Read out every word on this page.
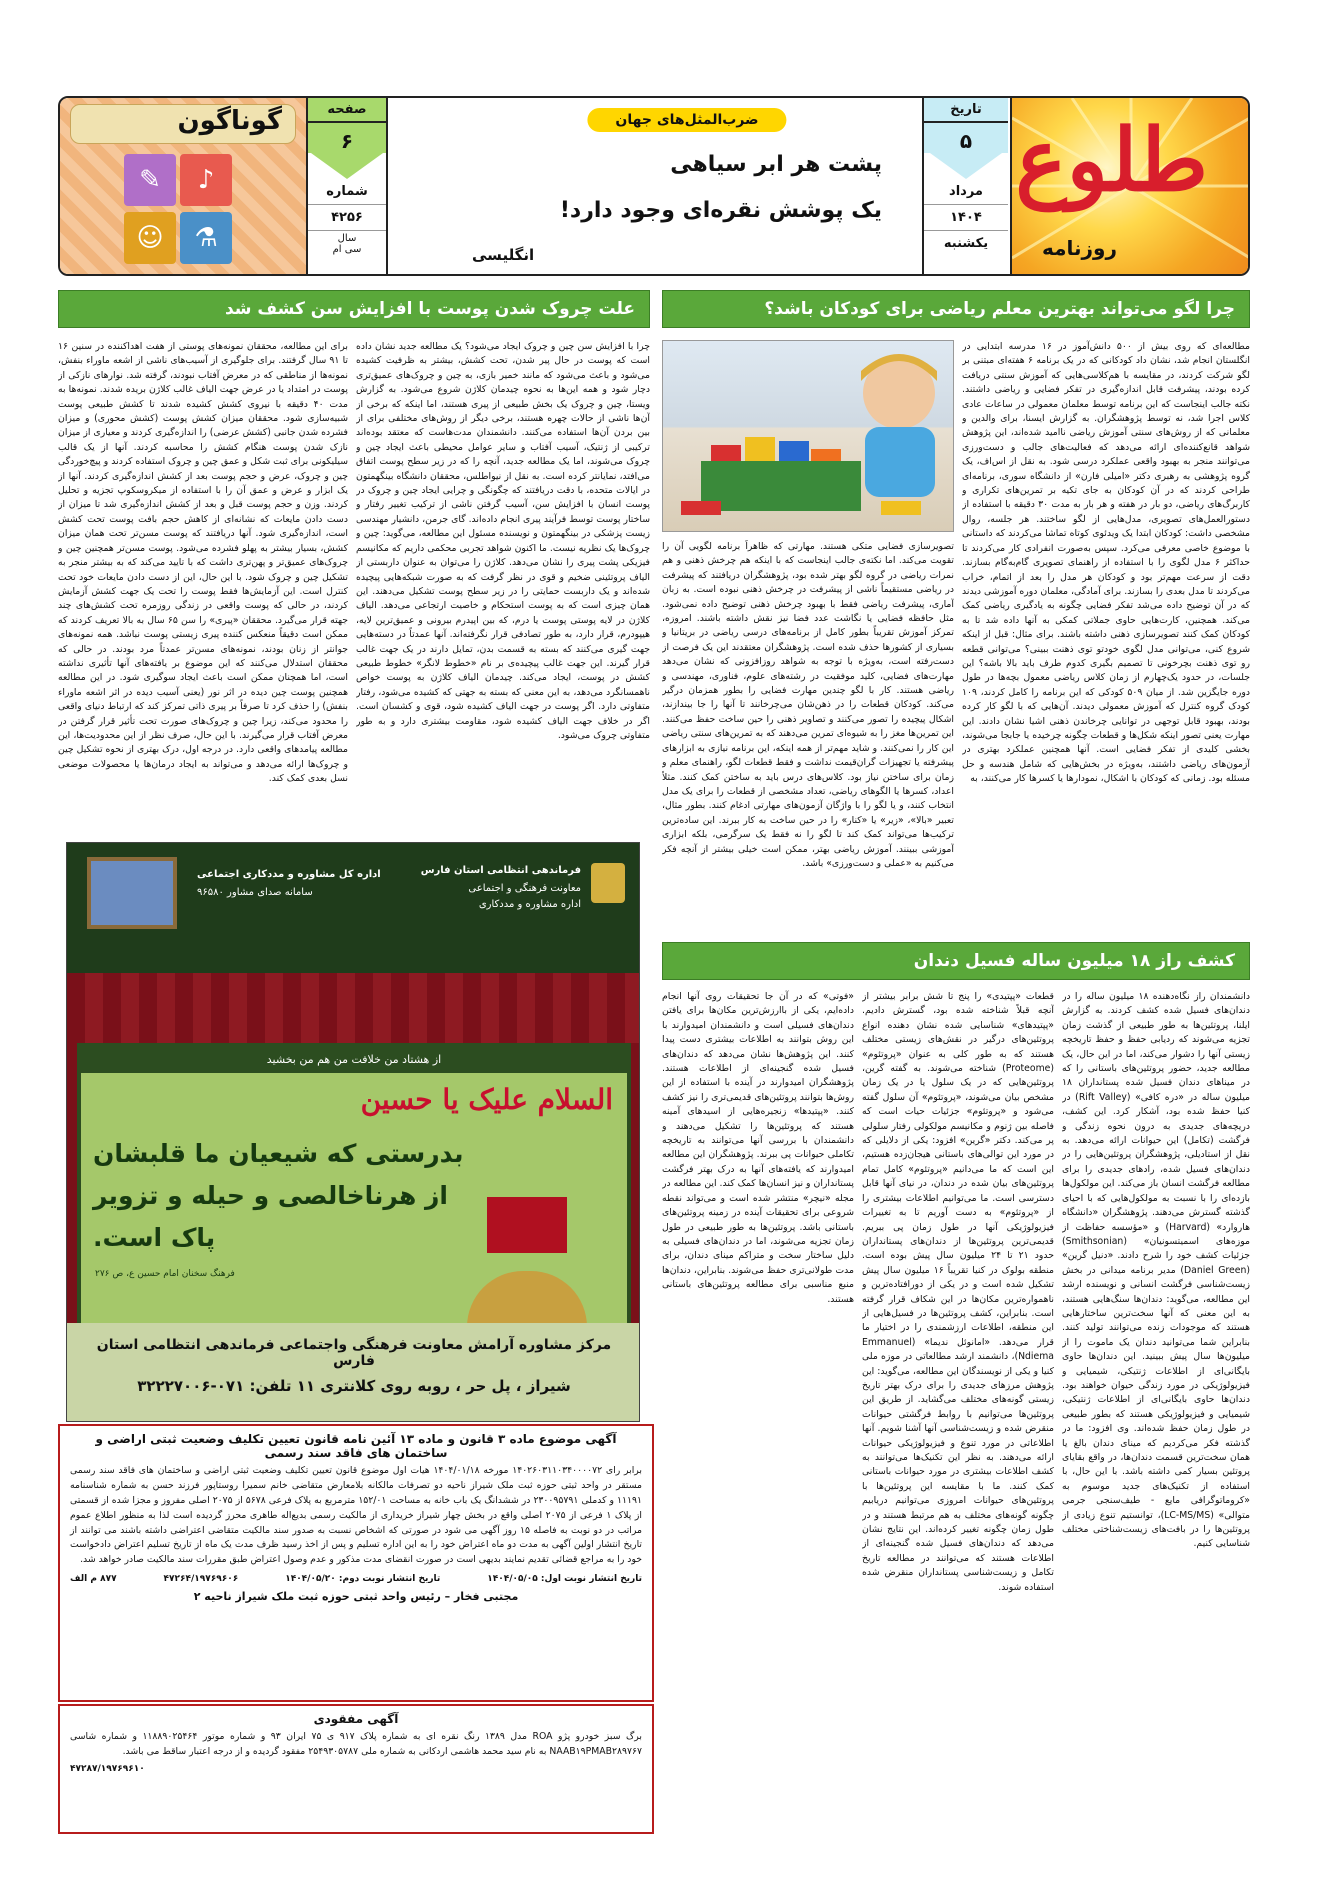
طلوع
روزنامه
تاریخ
۵
مرداد
۱۴۰۴
یکشنبه
ضرب‌المثل‌های جهان
پشت هر ابر سیاهی
یک پوشش نقره‌ای وجود دارد!
انگلیسی
صفحه
۶
شماره
۴۲۵۶
سال
سی ام
گوناگون
♪
✎
⚗
☺
چرا لگو می‌تواند بهترین معلم ریاضی برای کودکان باشد؟
مطالعه‌ای که روی بیش از ۵۰۰ دانش‌آموز در ۱۶ مدرسه ابتدایی در انگلستان انجام شد، نشان داد کودکانی که در یک برنامه ۶ هفته‌ای مبتنی بر لگو شرکت کردند، در مقایسه با هم‌کلاسی‌هایی که آموزش سنتی دریافت کرده بودند، پیشرفت قابل اندازه‌گیری در تفکر فضایی و ریاضی داشتند. نکته جالب اینجاست که این برنامه توسط معلمان معمولی در ساعات عادی کلاس اجرا شد، نه توسط پژوهشگران. به گزارش ایسنا، برای والدین و معلمانی که از روش‌های سنتی آموزش ریاضی ناامید شده‌اند، این پژوهش شواهد قانع‌کننده‌ای ارائه می‌دهد که فعالیت‌های جالب و دست‌ورزی می‌توانند منجر به بهبود واقعی عملکرد درسی شود. به نقل از اس‌اف، یک گروه پژوهشی به رهبری دکتر «امیلی فارن» از دانشگاه سوری، برنامه‌ای طراحی کردند که در آن کودکان به جای تکیه بر تمرین‌های تکراری و کاربرگ‌های ریاضی، دو بار در هفته و هر بار به مدت ۳۰ دقیقه با استفاده از دستورالعمل‌های تصویری، مدل‌هایی از لگو ساختند. هر جلسه، روال مشخصی داشت: کودکان ابتدا یک ویدئوی کوتاه تماشا می‌کردند که داستانی با موضوع خاصی معرفی می‌کرد. سپس به‌صورت انفرادی کار می‌کردند تا حداکثر ۶ مدل لگوی را با استفاده از راهنمای تصویری گام‌به‌گام بسازند. دقت از سرعت مهم‌تر بود و کودکان هر مدل را بعد از اتمام، خراب می‌کردند تا مدل بعدی را بسازند. برای آمادگی، معلمان دوره آموزشی دیدند که در آن توضیح داده می‌شد تفکر فضایی چگونه به یادگیری ریاضی کمک می‌کند. همچنین، کارت‌هایی حاوی جملاتی کمکی به آنها داده شد تا به کودکان کمک کنند تصویرسازی ذهنی داشته باشند. برای مثال: قبل از اینکه شروع کنی، می‌توانی مدل لگوی خودتو توی ذهنت ببینی؟ می‌توانی قطعه رو توی ذهنت بچرخونی تا تصمیم بگیری کدوم طرف باید بالا باشه؟ این جلسات، در حدود یک‌چهارم از زمان کلاس ریاضی معمول بچه‌ها در طول دوره جایگزین شد. از میان ۵۰۹ کودکی که این برنامه را کامل کردند، ۱۰۹ کودک گروه کنترل که آموزش معمولی دیدند. آن‌هایی که با لگو کار کرده بودند، بهبود قابل توجهی در توانایی چرخاندن ذهنی اشیا نشان دادند. این مهارت یعنی تصور اینکه شکل‌ها و قطعات چگونه چرخیده یا جابجا می‌شوند، بخشی کلیدی از تفکر فضایی است. آنها همچنین عملکرد بهتری در آزمون‌های ریاضی داشتند، به‌ویژه در بخش‌هایی که شامل هندسه و حل مسئله بود. زمانی که کودکان با اشکال، نمودارها یا کسرها کار می‌کنند، به
تصویرسازی فضایی متکی هستند. مهارتی که ظاهراً برنامه لگویی آن را تقویت می‌کند. اما نکته‌ی جالب اینجاست که با اینکه هم چرخش ذهنی و هم نمرات ریاضی در گروه لگو بهتر شده بود، پژوهشگران دریافتند که پیشرفت در ریاضی مستقیماً ناشی از پیشرفت در چرخش ذهنی نبوده است. به زبان آماری، پیشرفت ریاضی فقط با بهبود چرخش ذهنی توضیح داده نمی‌شود. مثل حافظه فضایی یا نگاشت عدد فضا نیز نقش داشته باشند. امروزه، تمرکز آموزش تقریباً بطور کامل از برنامه‌های درسی ریاضی در بریتانیا و بسیاری از کشورها حذف شده است. پژوهشگران معتقدند این یک فرصت از دست‌رفته است، به‌ویژه با توجه به شواهد روزافزونی که نشان می‌دهد مهارت‌های فضایی، کلید موفقیت در رشته‌های علوم، فناوری، مهندسی و ریاضی هستند. کار با لگو چندین مهارت فضایی را بطور همزمان درگیر می‌کند. کودکان قطعات را در ذهن‌شان می‌چرخانند تا آنها را جا بیندازند، اشکال پیچیده را تصور می‌کنند و تصاویر ذهنی را حین ساخت حفظ می‌کنند. این تمرین‌ها مغز را به شیوه‌ای تمرین می‌دهند که به تمرین‌های سنتی ریاضی این کار را نمی‌کنند. و شاید مهم‌تر از همه اینکه، این برنامه نیازی به ابزارهای پیشرفته یا تجهیزات گران‌قیمت نداشت و فقط قطعات لگو، راهنمای معلم و زمان برای ساختن نیاز بود. کلاس‌های درس باید به ساختن کمک کنند. مثلاً اعداد، کسرها یا الگوهای ریاضی، تعداد مشخصی از قطعات را برای یک مدل انتخاب کنند، و یا لگو را با واژگان آزمون‌های مهارتی ادغام کنند. بطور مثال، تعبیر «بالا»، «زیر» یا «کنار» را در حین ساخت به کار ببرند. این ساده‌ترین ترکیب‌ها می‌تواند کمک کند تا لگو را نه فقط یک سرگرمی، بلکه ابزاری آموزشی ببینند. آموزش ریاضی بهتر، ممکن است خیلی بیشتر از آنچه فکر می‌کنیم به «عملی و دست‌ورزی» باشد.
علت چروک شدن پوست با افزایش سن کشف شد
چرا با افزایش سن چین و چروک ایجاد می‌شود؟ یک مطالعه جدید نشان داده است که پوست در حال پیر شدن، تحت کشش، بیشتر به ظرفیت کشیده می‌شود و باعث می‌شود که مانند خمیر بازی، به چین و چروک‌های عمیق‌تری دچار شود و همه این‌ها به نحوه چیدمان کلاژن شروع می‌شود. به گزارش ویستا، چین و چروک یک بخش طبیعی از پیری هستند، اما اینکه که برخی از آن‌ها ناشی از حالات چهره هستند، برخی دیگر از روش‌های مختلفی برای از بین بردن آن‌ها استفاده می‌کنند. دانشمندان مدت‌هاست که معتقد بوده‌اند ترکیبی از ژنتیک، آسیب آفتاب و سایر عوامل محیطی باعث ایجاد چین و چروک می‌شوند، اما یک مطالعه جدید، آنچه را که در زیر سطح پوست اتفاق می‌افتد، نمایانتر کرده است. به نقل از نیواطلس، محققان دانشگاه بینگهمتون در ایالات متحده، با دقت دریافتند که چگونگی و چرایی ایجاد چین و چروک در پوست انسان با افزایش سن، آسیب گرفتن ناشی از ترکیب تغییر رفتار و ساختار پوست توسط فرآیند پیری انجام داده‌اند. گای جرمن، دانشیار مهندسی زیست پزشکی در بینگهمتون و نویسنده مسئول این مطالعه، می‌گوید: چین و چروک‌ها یک نظریه نیست. ما اکنون شواهد تجربی محکمی داریم که مکانیسم فیزیکی پشت پیری را نشان می‌دهد. کلاژن را می‌توان به عنوان داربستی از الیاف پروتئینی ضخیم و قوی در نظر گرفت که به صورت شبکه‌هایی پیچیده شده‌اند و یک داربست حمایتی را در زیر سطح پوست تشکیل می‌دهند. این همان چیزی است که به پوست استحکام و خاصیت ارتجاعی می‌دهد. الیاف کلاژن در لایه پوستی پوست یا درم، که بین اپیدرم بیرونی و عمیق‌ترین لایه، هیپودرم، قرار دارد، به طور تصادفی قرار نگرفته‌اند. آنها عمدتاً در دسته‌هایی جهت گیری می‌کنند که بسته به قسمت بدن، تمایل دارند در یک جهت غالب قرار گیرند. این جهت غالب پیچیده‌ی بر نام «خطوط لانگر» خطوط طبیعی کشش در پوست، ایجاد می‌کند. چیدمان الیاف کلاژن به پوست خواص ناهمسانگرد می‌دهد، به این معنی که بسته به جهتی که کشیده می‌شود، رفتار متفاوتی دارد. اگر پوست در جهت الیاف کشیده شود، قوی و کشسان است. اگر در خلاف جهت الیاف کشیده شود، مقاومت بیشتری دارد و به طور متفاوتی چروک می‌شود.
برای این مطالعه، محققان نمونه‌های پوستی از هفت اهداکننده در سنین ۱۶ تا ۹۱ سال گرفتند. برای جلوگیری از آسیب‌های ناشی از اشعه ماوراء بنفش، نمونه‌ها از مناطقی که در معرض آفتاب نبودند، گرفته شد. نوارهای نازکی از پوست در امتداد یا در عرض جهت الیاف غالب کلاژن بریده شدند. نمونه‌ها به مدت ۴۰ دقیقه با نیروی کشش کشیده شدند تا کشش طبیعی پوست شبیه‌سازی شود. محققان میزان کشش پوست (کشش محوری) و میزان فشرده شدن جانبی (کشش عرضی) را اندازه‌گیری کردند و معیاری از میزان نازک شدن پوست هنگام کشش را محاسبه کردند. آنها از یک قالب سیلیکونی برای ثبت شکل و عمق چین و چروک استفاده کردند و پیچ‌خوردگی چین و چروک، عرض و حجم پوست بعد از کشش اندازه‌گیری کردند. آنها از یک ابزار و عرض و عمق آن را با استفاده از میکروسکوپ تجزیه و تحلیل کردند. وزن و حجم پوست قبل و بعد از کشش اندازه‌گیری شد تا میزان از دست دادن مایعات که نشانه‌ای از کاهش حجم بافت پوست تحت کشش است، اندازه‌گیری شود. آنها دریافتند که پوست مسن‌تر تحت همان میزان کشش، بسیار بیشتر به پهلو فشرده می‌شود. پوست مسن‌تر همچنین چین و چروک‌های عمیق‌تر و پهن‌تری داشت که با تایید می‌کند که به بیشتر منجر به تشکیل چین و چروک شود. با این حال، این از دست دادن مایعات خود تحت کنترل است. این آزمایش‌ها فقط پوست را تحت یک جهت کشش آزمایش کردند، در حالی که پوست واقعی در زندگی روزمره تحت کشش‌های چند جهته قرار می‌گیرد. محققان «پیری» را سن ۶۵ سال به بالا تعریف کردند که ممکن است دقیقاً منعکس کننده پیری زیستی پوست نباشد. همه نمونه‌های جوانتر از زنان بودند، نمونه‌های مسن‌تر عمدتاً مرد بودند. در حالی که محققان استدلال می‌کنند که این موضوع بر یافته‌های آنها تأثیری نداشته است، اما همچنان ممکن است باعث ایجاد سوگیری شود. در این مطالعه همچنین پوست چین دیده در اثر نور (یعنی آسیب دیده در اثر اشعه ماوراء بنفش) را حذف کرد تا صرفاً بر پیری ذاتی تمرکز کند که ارتباط دنیای واقعی را محدود می‌کند، زیرا چین و چروک‌های صورت تحت تأثیر قرار گرفتن در معرض آفتاب قرار می‌گیرند. با این حال، صرف نظر از این محدودیت‌ها، این مطالعه پیامدهای واقعی دارد. در درجه اول، درک بهتری از نحوه تشکیل چین و چروک‌ها ارائه می‌دهد و می‌تواند به ایجاد درمان‌ها یا محصولات موضعی نسل بعدی کمک کند.
کشف راز ۱۸ میلیون ساله فسیل دندان
دانشمندان راز نگاه‌دهنده ۱۸ میلیون ساله را در دندان‌های فسیل شده کشف کردند. به گزارش ایلنا، پروتئین‌ها به طور طبیعی از گذشت زمان تجزیه می‌شوند که ردیابی حفظ و حفظ تاریخچه زیستی آنها را دشوار می‌کند، اما در این حال، یک مطالعه جدید، حضور پروتئین‌های باستانی را که در میناهای دندان فسیل شده پستانداران ۱۸ میلیون ساله در «دره کافی» (Rift Valley) در کنیا حفظ شده بود، آشکار کرد. این کشف، دریچه‌های جدیدی به درون نحوه زندگی و فرگشت (تکامل) این حیوانات ارائه می‌دهد. به نقل از استادیلی، پژوهشگران پروتئین‌هایی را در دندان‌های فسیل شده، رادهای جدیدی را برای مطالعه فرگشت انسان باز می‌کند. این مولکول‌ها بازده‌ای را با نسبت به مولکول‌هایی که با احیای گذشته گسترش می‌دهند. پژوهشگران «دانشگاه هاروارد» (Harvard) و «مؤسسه حفاظت از موزه‌های اسمیتسونیان» (Smithsonian) جزئیات کشف خود را شرح دادند. «دنیل گرین» (Daniel Green) مدیر برنامه میدانی در بخش زیست‌شناسی فرگشت انسانی و نویسنده ارشد این مطالعه، می‌گوید: دندان‌ها سنگ‌هایی هستند، به این معنی که آنها سخت‌ترین ساختارهایی هستند که موجودات زنده می‌توانند تولید کنند. بنابراین شما می‌توانید دندان یک ماموت را از میلیون‌ها سال پیش ببینید. این دندان‌ها حاوی بایگانی‌ای از اطلاعات ژنتیکی، شیمیایی و فیزیولوژیکی در مورد زندگی حیوان خواهند بود. دندان‌ها حاوی بایگانی‌ای از اطلاعات ژنتیکی، شیمیایی و فیزیولوژیکی هستند که بطور طبیعی در طول زمان حفظ شده‌اند. وی افزود: ما در گذشته فکر می‌کردیم که مینای دندان بالغ یا همان سخت‌ترین قسمت دندان‌ها، در واقع بقایای پروتئین بسیار کمی داشته باشد. با این حال، با استفاده از تکنیک‌های جدید موسوم به «کروماتوگرافی مایع - طیف‌سنجی جرمی متوالی» (LC-MS/MS)، توانستیم تنوع زیادی از پروتئین‌ها را در بافت‌های زیست‌شناختی مختلف شناسایی کنیم.
قطعات «پپتیدی» را پنج تا شش برابر بیشتر از آنچه قبلاً شناخته شده بود، گسترش دادیم. «پپتیدهای» شناسایی شده نشان دهنده انواع پروتئین‌های درگیر در نقش‌های زیستی مختلف هستند که به طور کلی به عنوان «پروتئوم» (Proteome) شناخته می‌شوند. به گفته گرین، پروتئین‌هایی که در یک سلول یا در یک زمان مشخص بیان می‌شوند، «پروتئوم» آن سلول گفته می‌شود و «پروتئوم» جزئیات حیات است که فاصله بین ژنوم و مکانیسم مولکولی رفتار سلولی پر می‌کند. دکتر «گرین» افزود: یکی از دلایلی که در مورد این توالی‌های باستانی هیجان‌زده هستیم، این است که ما می‌دانیم «پروتئوم» کامل تمام پروتئین‌های بیان شده در دندان، در نیای آنها قابل دسترسی است. ما می‌توانیم اطلاعات بیشتری را از «پروتئوم» به دست آوریم تا به تغییرات فیزیولوژیکی آنها در طول زمان پی ببریم. قدیمی‌ترین پروتئین‌ها از دندان‌های پستانداران حدود ۲۱ تا ۲۴ میلیون سال پیش بوده است. منطقه بولوک در کنیا تقریباً ۱۶ میلیون سال پیش تشکیل شده است و در یکی از دورافتاده‌ترین و ناهمواره‌ترین مکان‌ها در این شکاف قرار گرفته است. بنابراین، کشف پروتئین‌ها در فسیل‌هایی از این منطقه، اطلاعات ارزشمندی را در اختیار ما قرار می‌دهد. «امانوئل ندیما» (Emmanuel Ndiema)، دانشمند ارشد مطالعاتی در موزه ملی کنیا و یکی از نویسندگان این مطالعه، می‌گوید: این پژوهش مرزهای جدیدی را برای درک بهتر تاریخ زیستی گونه‌های مختلف می‌گشاید. از طریق این پروتئین‌ها می‌توانیم با روابط فرگشتی حیوانات منقرض شده و زیست‌شناسی آنها آشنا شویم. آنها اطلاعاتی در مورد تنوع و فیزیولوژیکی حیوانات ارائه می‌دهند. به نظر این تکنیک‌ها می‌توانند به کشف اطلاعات بیشتری در مورد حیوانات باستانی کمک کنند. ما با مقایسه این پروتئین‌ها با پروتئین‌های حیوانات امروزی می‌توانیم دریابیم چگونه گونه‌های مختلف به هم مرتبط هستند و در طول زمان چگونه تغییر کرده‌اند. این نتایج نشان می‌دهد که دندان‌های فسیل شده گنجینه‌ای از اطلاعات هستند که می‌توانند در مطالعه تاریخ تکامل و زیست‌شناسی پستانداران منقرض شده استفاده شوند.
«فوتی» که در آن جا تحقیقات روی آنها انجام داده‌ایم، یکی از باارزش‌ترین مکان‌ها برای یافتن دندان‌های فسیلی است و دانشمندان امیدوارند با این روش بتوانند به اطلاعات بیشتری دست پیدا کنند. این پژوهش‌ها نشان می‌دهد که دندان‌های فسیل شده گنجینه‌ای از اطلاعات هستند. پژوهشگران امیدوارند در آینده با استفاده از این روش‌ها بتوانند پروتئین‌های قدیمی‌تری را نیز کشف کنند. «پپتیدها» زنجیره‌هایی از اسیدهای آمینه هستند که پروتئین‌ها را تشکیل می‌دهند و دانشمندان با بررسی آنها می‌توانند به تاریخچه تکاملی حیوانات پی ببرند. پژوهشگران این مطالعه امیدوارند که یافته‌های آنها به درک بهتر فرگشت پستانداران و نیز انسان‌ها کمک کند. این مطالعه در مجله «نیچر» منتشر شده است و می‌تواند نقطه شروعی برای تحقیقات آینده در زمینه پروتئین‌های باستانی باشد. پروتئین‌ها به طور طبیعی در طول زمان تجزیه می‌شوند، اما در دندان‌های فسیلی به دلیل ساختار سخت و متراکم مینای دندان، برای مدت طولانی‌تری حفظ می‌شوند. بنابراین، دندان‌ها منبع مناسبی برای مطالعه پروتئین‌های باستانی هستند.
فرماندهی انتظامی استان فارس
معاونت فرهنگی و اجتماعی
اداره مشاوره و مددکاری
اداره کل مشاوره و مددکاری اجتماعی
سامانه صدای مشاور ۹۶۵۸۰
از هشتاد من خلافت من هم من بخشید
السلام علیک یا حسین
بدرستی که شیعیان ما قلبشان
از هرناخالصی و حیله و تزویر
پاک است.
فرهنگ سخنان امام حسین ع، ص ۲۷۶
مرکز مشاوره آرامش معاونت فرهنگی واجتماعی فرماندهی انتظامی استان فارس
شیراز ، پل حر ، روبه روی کلانتری ۱۱ تلفن: ۰۷۱-۳۲۲۲۷۰۰۶
آگهی موضوع ماده ۳ قانون و ماده ۱۳ آئین نامه قانون تعیین تکلیف وضعیت ثبتی اراضی و ساختمان های فاقد سند رسمی
برابر رای ۱۴۰۲۶۰۳۱۱۰۳۴۰۰۰۰۷۲ مورخه ۱۴۰۴/۰۱/۱۸ هیات اول موضوع قانون تعیین تکلیف وضعیت ثبتی اراضی و ساختمان های فاقد سند رسمی مستقر در واحد ثبتی حوزه ثبت ملک شیراز ناحیه دو تصرفات مالکانه بلامعارض متقاضی خانم سمیرا روستاپور فرزند حسن به شماره شناسنامه ۱۱۱۹۱ و کدملی ۲۳۰۰۹۵۷۹۱ در ششدانگ یک باب خانه به مساحت ۱۵۲/۰۱ مترمربع به پلاک فرعی ۵۶۷۸ از ۲۰۷۵ اصلی مفروز و مجزا شده از قسمتی از پلاک ۱ فرعی از ۲۰۷۵ اصلی واقع در بخش چهار شیراز خریداری از مالکیت رسمی بدیع‌اله طاهری محرز گردیده است لذا به منظور اطلاع عموم مراتب در دو نوبت به فاصله ۱۵ روز آگهی می شود در صورتی که اشخاص نسبت به صدور سند مالکیت متقاضی اعتراضی داشته باشند می توانند از تاریخ انتشار اولین آگهی به مدت دو ماه اعتراض خود را به این اداره تسلیم و پس از اخذ رسید ظرف مدت یک ماه از تاریخ تسلیم اعتراض دادخواست خود را به مراجع قضائی تقدیم نمایند بدیهی است در صورت انقضای مدت مذکور و عدم وصول اعتراض طبق مقررات سند مالکیت صادر خواهد شد.
تاریخ انتشار نوبت اول: ۱۴۰۴/۰۵/۰۵
تاریخ انتشار نوبت دوم: ۱۴۰۴/۰۵/۲۰
۴۷۲۶۴/۱۹۷۶۹۶۰۶
۸۷۷ م الف
مجتبی فخار – رئیس واحد ثبتی حوزه ثبت ملک شیراز ناحیه ۲
آگهی مفقودی
برگ سبز خودرو پژو ROA مدل ۱۳۸۹ رنگ نقره ای به شماره پلاک ۹۱۷ ی ۷۵ ایران ۹۳ و شماره موتور ۱۱۸۸۹۰۲۵۴۶۴ و شماره شاسی NAAB۱۹PMAB۲۸۹۷۶۷ به نام سید محمد هاشمی اردکانی به شماره ملی ۲۵۴۹۳۰۵۷۸۷ مفقود گردیده و از درجه اعتبار ساقط می باشد.
۴۷۲۸۷/۱۹۷۶۹۶۱۰
